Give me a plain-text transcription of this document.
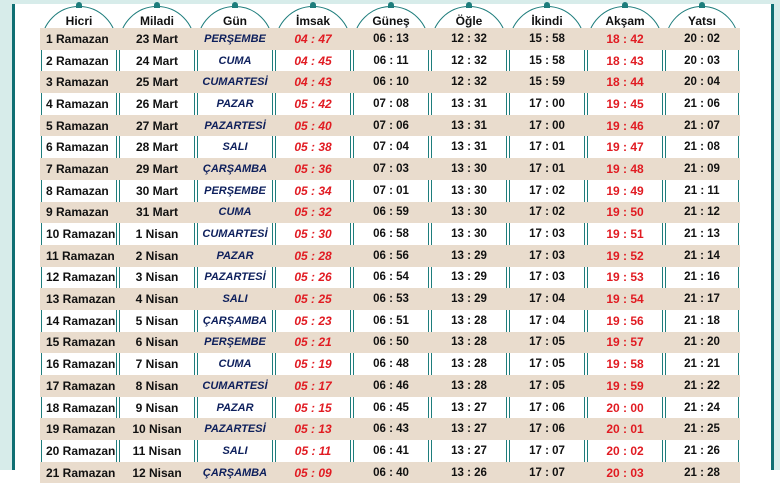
Hicri	Miladi	Gün	İmsak	Güneş	Öğle	İkindi	Akşam	Yatsı
1 Ramazan	23 Mart	PERŞEMBE	04 : 47	06 : 13	12 : 32	15 : 58	18 : 42	20 : 02
2 Ramazan	24 Mart	CUMA	04 : 45	06 : 11	12 : 32	15 : 58	18 : 43	20 : 03
3 Ramazan	25 Mart	CUMARTESİ	04 : 43	06 : 10	12 : 32	15 : 59	18 : 44	20 : 04
4 Ramazan	26 Mart	PAZAR	05 : 42	07 : 08	13 : 31	17 : 00	19 : 45	21 : 06
5 Ramazan	27 Mart	PAZARTESİ	05 : 40	07 : 06	13 : 31	17 : 00	19 : 46	21 : 07
6 Ramazan	28 Mart	SALI	05 : 38	07 : 04	13 : 31	17 : 01	19 : 47	21 : 08
7 Ramazan	29 Mart	ÇARŞAMBA	05 : 36	07 : 03	13 : 30	17 : 01	19 : 48	21 : 09
8 Ramazan	30 Mart	PERŞEMBE	05 : 34	07 : 01	13 : 30	17 : 02	19 : 49	21 : 11
9 Ramazan	31 Mart	CUMA	05 : 32	06 : 59	13 : 30	17 : 02	19 : 50	21 : 12
10 Ramazan	1 Nisan	CUMARTESİ	05 : 30	06 : 58	13 : 30	17 : 03	19 : 51	21 : 13
11 Ramazan	2 Nisan	PAZAR	05 : 28	06 : 56	13 : 29	17 : 03	19 : 52	21 : 14
12 Ramazan	3 Nisan	PAZARTESİ	05 : 26	06 : 54	13 : 29	17 : 03	19 : 53	21 : 16
13 Ramazan	4 Nisan	SALI	05 : 25	06 : 53	13 : 29	17 : 04	19 : 54	21 : 17
14 Ramazan	5 Nisan	ÇARŞAMBA	05 : 23	06 : 51	13 : 28	17 : 04	19 : 56	21 : 18
15 Ramazan	6 Nisan	PERŞEMBE	05 : 21	06 : 50	13 : 28	17 : 05	19 : 57	21 : 20
16 Ramazan	7 Nisan	CUMA	05 : 19	06 : 48	13 : 28	17 : 05	19 : 58	21 : 21
17 Ramazan	8 Nisan	CUMARTESİ	05 : 17	06 : 46	13 : 28	17 : 05	19 : 59	21 : 22
18 Ramazan	9 Nisan	PAZAR	05 : 15	06 : 45	13 : 27	17 : 06	20 : 00	21 : 24
19 Ramazan	10 Nisan	PAZARTESİ	05 : 13	06 : 43	13 : 27	17 : 06	20 : 01	21 : 25
20 Ramazan	11 Nisan	SALI	05 : 11	06 : 41	13 : 27	17 : 07	20 : 02	21 : 26
21 Ramazan	12 Nisan	ÇARŞAMBA	05 : 09	06 : 40	13 : 26	17 : 07	20 : 03	21 : 28
